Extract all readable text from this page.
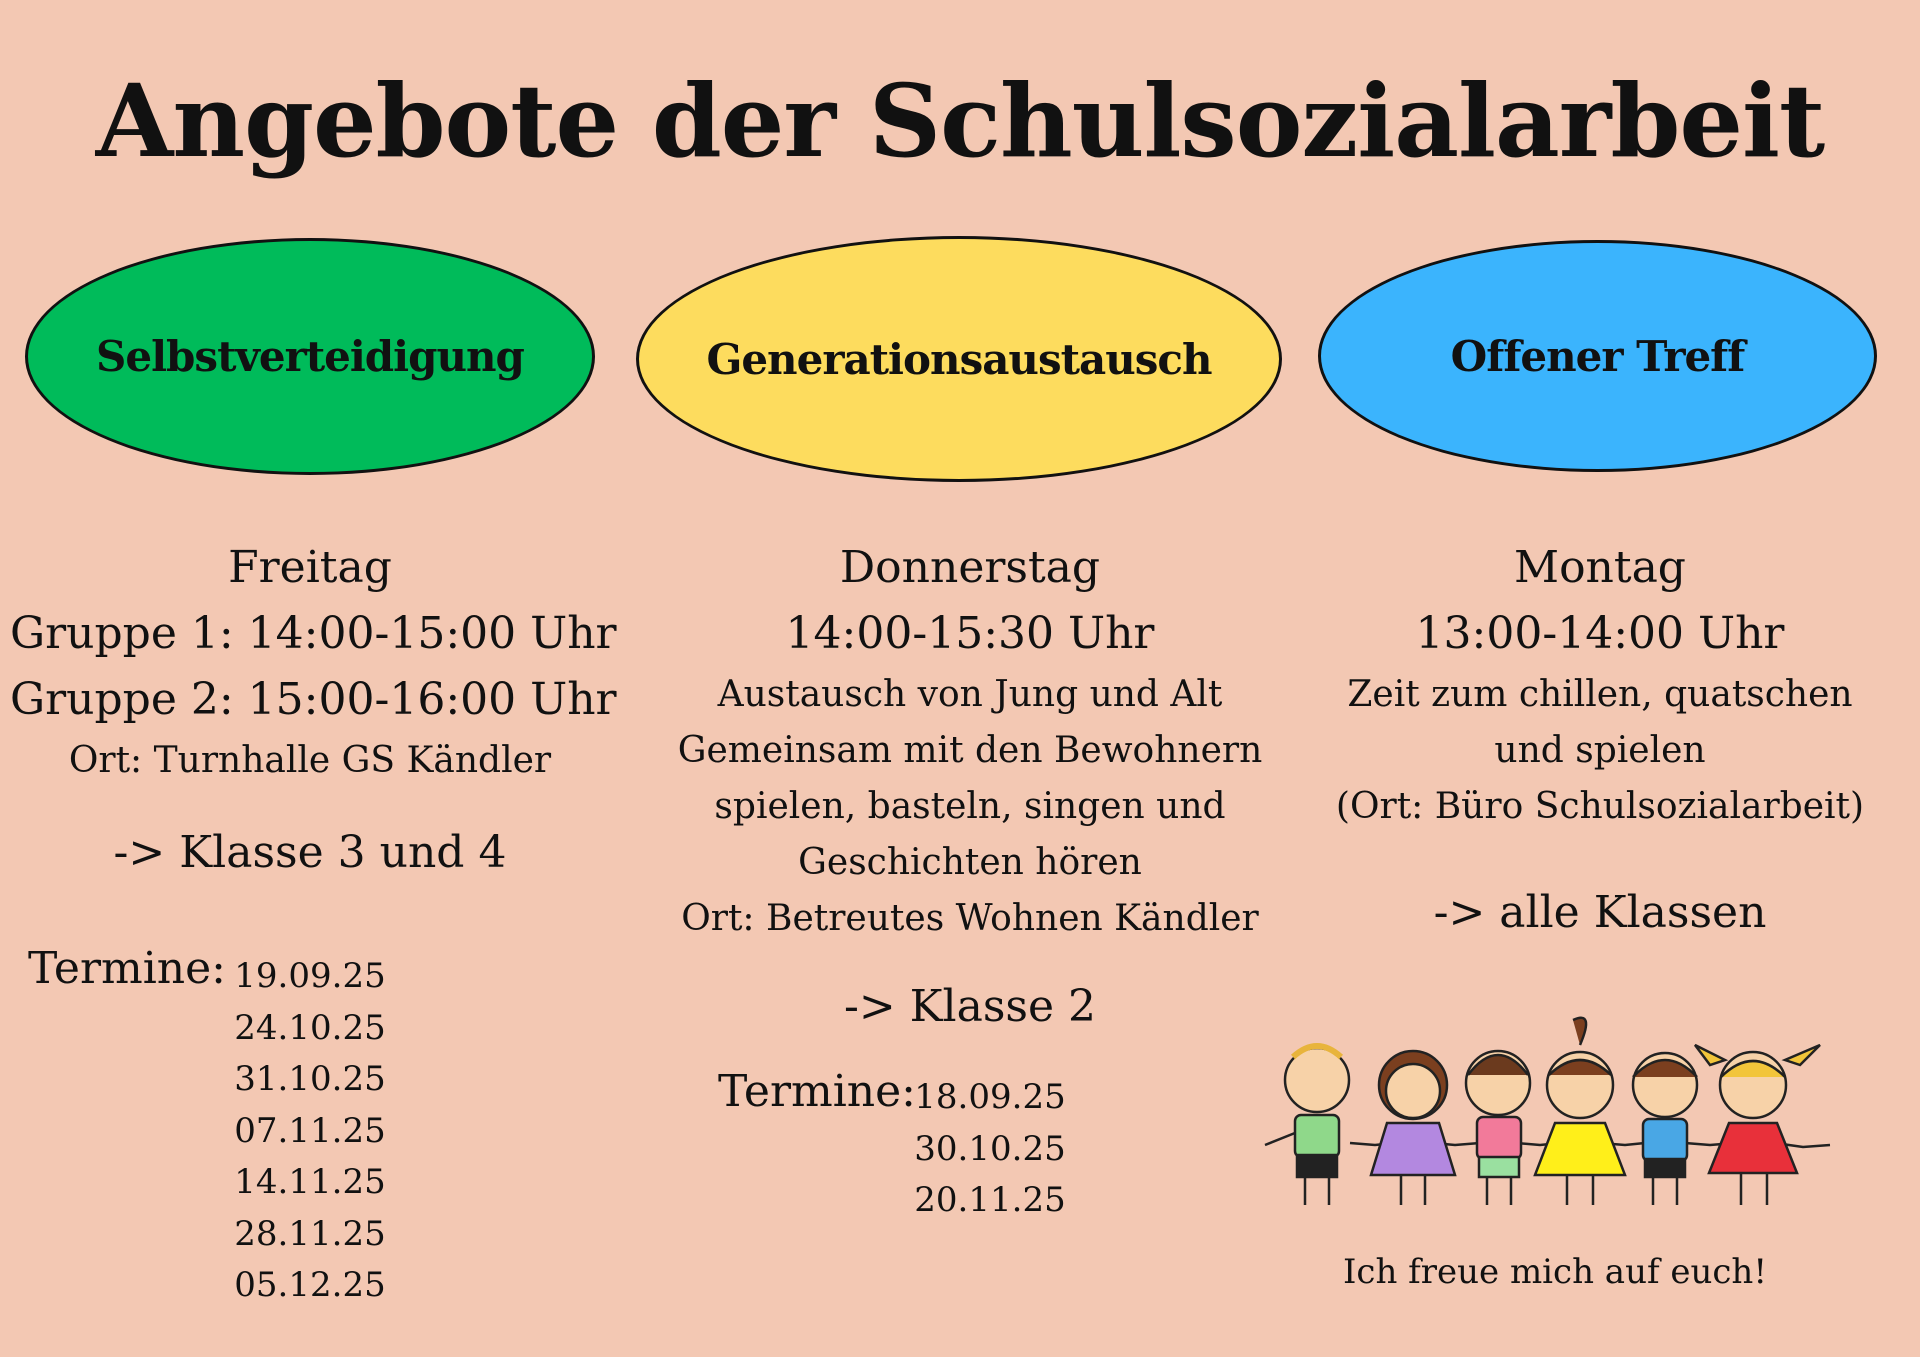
Angebote der Schulsozialarbeit
Selbstverteidigung	Generationsaustausch	Offener Treff
Freitag
Gruppe 1: 14:00-15:00 Uhr
Gruppe 2: 15:00-16:00 Uhr
Ort: Turnhalle GS Kändler
-> Klasse 3 und 4
Termine: 19.09.25
24.10.25
31.10.25
07.11.25
14.11.25
28.11.25
05.12.25
Donnerstag
14:00-15:30 Uhr
Austausch von Jung und Alt
Gemeinsam mit den Bewohnern
spielen, basteln, singen und
Geschichten hören
Ort: Betreutes Wohnen Kändler
-> Klasse 2
Termine:
18.09.25
30.10.25
20.11.25
Montag
13:00-14:00 Uhr
Zeit zum chillen, quatschen
und spielen
(Ort: Büro Schulsozialarbeit)
-> alle Klassen
Ich freue mich auf euch!
